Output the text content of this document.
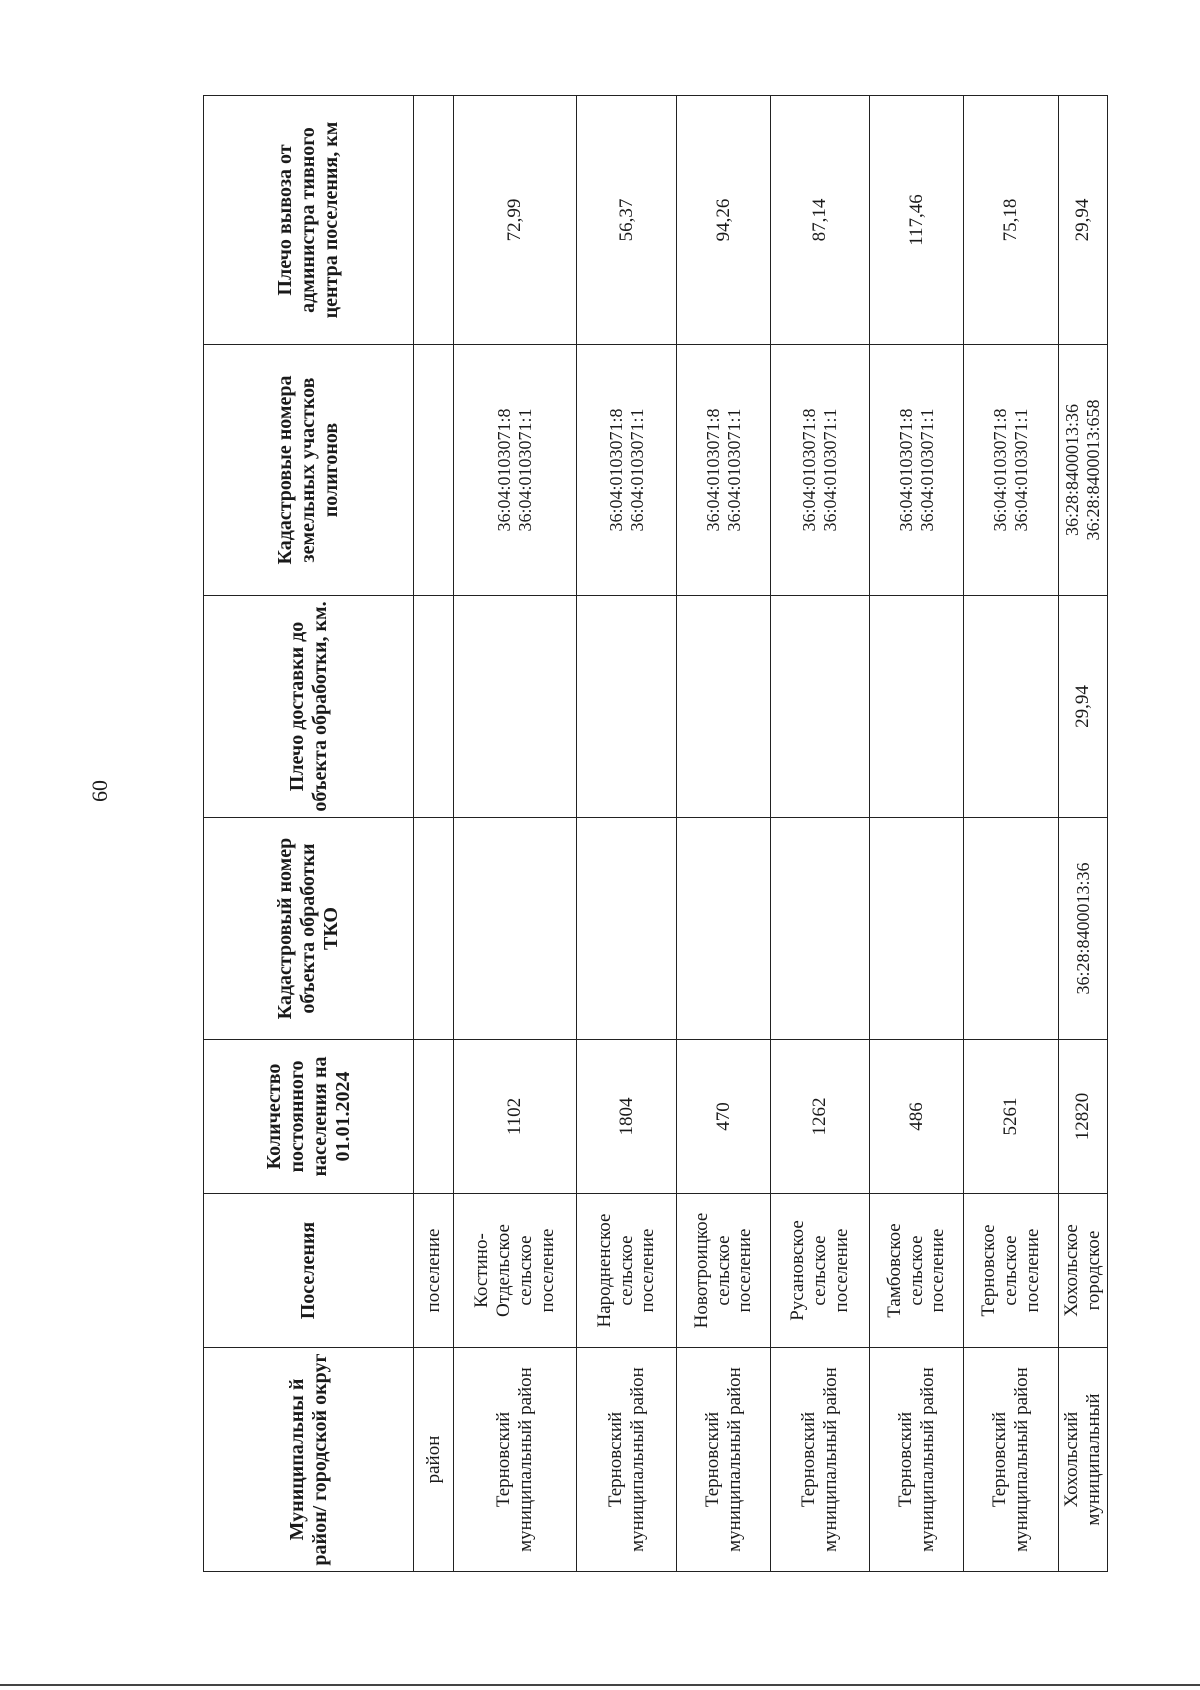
60
Муниципальны й район/ городской округ	Поселения	Количество постоянного населения на 01.01.2024	Кадастровый номер объекта обработки ТКО	Плечо доставки до объекта обработки, км.	Кадастровые номера земельных участков полигонов	Плечо вывоза от администра тивного центра поселения, км
район	поселение					
Терновский муниципальный район	Костино-Отдельское сельское поселение	1102			36:04:0103071:8 36:04:0103071:1	72,99
Терновский муниципальный район	Народненское сельское поселение	1804			36:04:0103071:8 36:04:0103071:1	56,37
Терновский муниципальный район	Новотроицкое сельское поселение	470			36:04:0103071:8 36:04:0103071:1	94,26
Терновский муниципальный район	Русановское сельское поселение	1262			36:04:0103071:8 36:04:0103071:1	87,14
Терновский муниципальный район	Тамбовское сельское поселение	486			36:04:0103071:8 36:04:0103071:1	117,46
Терновский муниципальный район	Терновское сельское поселение	5261			36:04:0103071:8 36:04:0103071:1	75,18
Хохольский муниципальный	Хохольское городское	12820	36:28:8400013:36	29,94	36:28:8400013:36 36:28:8400013:658	29,94
